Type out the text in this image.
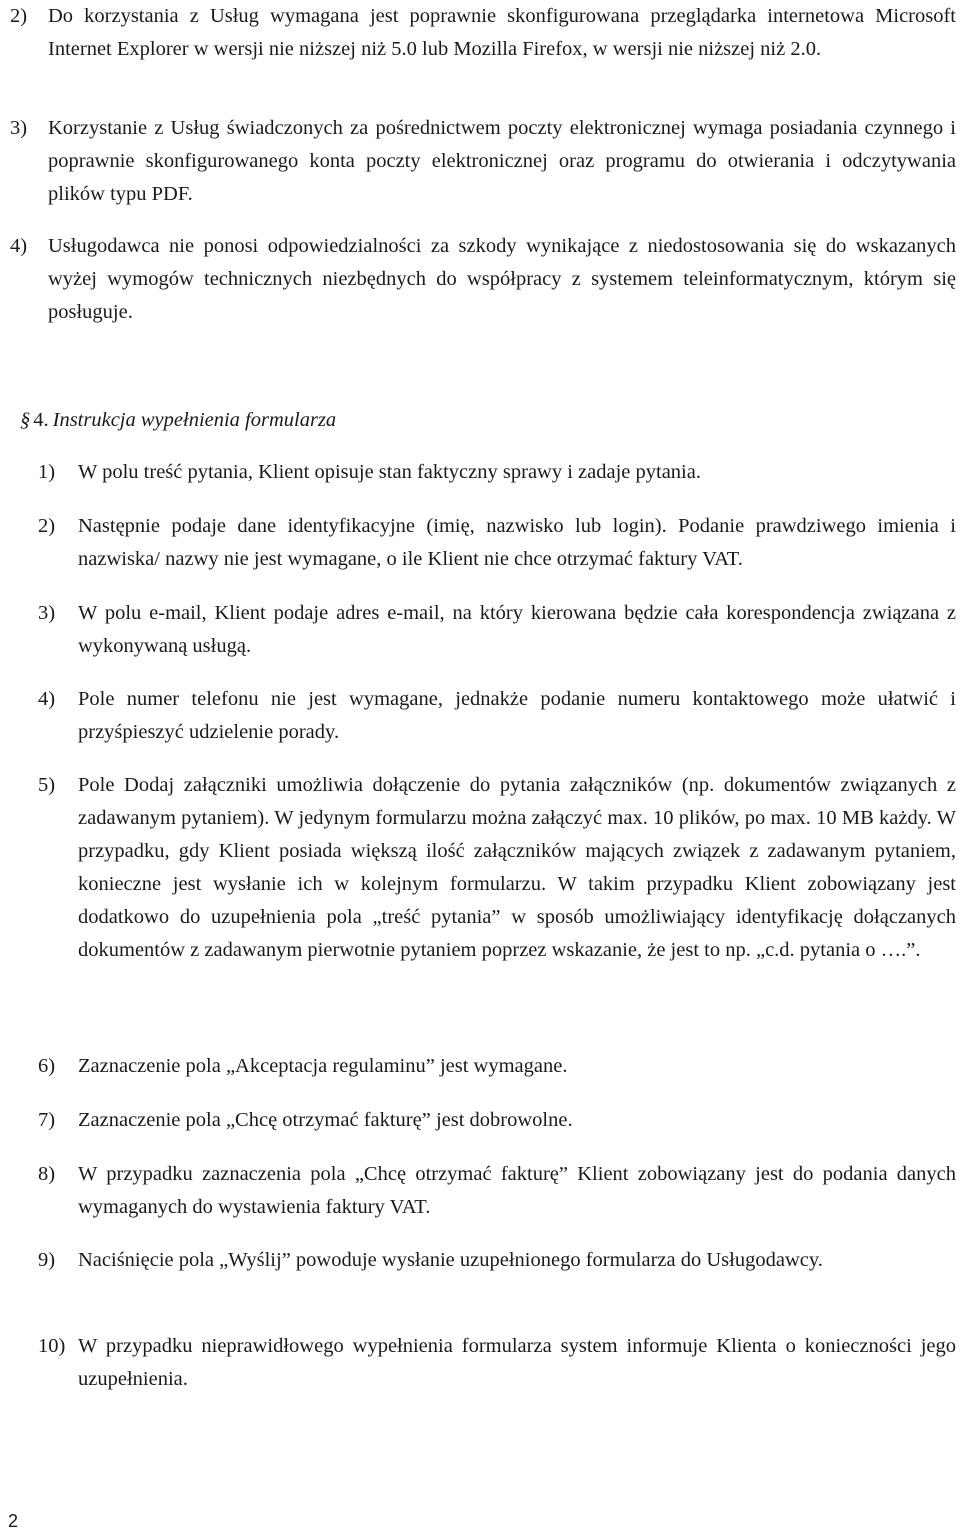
2)	Do korzystania z Usług wymagana jest poprawnie skonfigurowana przeglądarka internetowa Microsoft Internet Explorer w wersji nie niższej niż 5.0 lub Mozilla Firefox, w wersji nie niższej niż 2.0.
3)	Korzystanie z Usług świadczonych za pośrednictwem poczty elektronicznej wymaga posiadania czynnego i poprawnie skonfigurowanego konta poczty elektronicznej oraz programu do otwierania i odczytywania plików typu PDF.
4)	Usługodawca nie ponosi odpowiedzialności za szkody wynikające z niedostosowania się do wskazanych wyżej wymogów technicznych niezbędnych do współpracy z systemem teleinformatycznym, którym się posługuje.
§ 4. Instrukcja wypełnienia formularza
1)	W polu treść pytania, Klient opisuje stan faktyczny sprawy i zadaje pytania.
2)	Następnie podaje dane identyfikacyjne (imię, nazwisko lub login). Podanie prawdziwego imienia i nazwiska/ nazwy nie jest wymagane, o ile Klient nie chce otrzymać faktury VAT.
3)	W polu e-mail, Klient podaje adres e-mail, na który kierowana będzie cała korespondencja związana z wykonywaną usługą.
4)	Pole numer telefonu nie jest wymagane, jednakże podanie numeru kontaktowego może ułatwić i przyśpieszyć udzielenie porady.
5)	Pole Dodaj załączniki umożliwia dołączenie do pytania załączników (np. dokumentów związanych z zadawanym pytaniem). W jedynym formularzu można załączyć max. 10 plików, po max. 10 MB każdy. W przypadku, gdy Klient posiada większą ilość załączników mających związek z zadawanym pytaniem, konieczne jest wysłanie ich w kolejnym formularzu. W takim przypadku Klient zobowiązany jest dodatkowo do uzupełnienia pola „treść pytania” w sposób umożliwiający identyfikację dołączanych dokumentów z zadawanym pierwotnie pytaniem poprzez wskazanie, że jest to np. „c.d. pytania o ….”.
6)	Zaznaczenie pola „Akceptacja regulaminu” jest wymagane.
7)	Zaznaczenie pola „Chcę otrzymać fakturę” jest dobrowolne.
8)	W przypadku zaznaczenia pola „Chcę otrzymać fakturę” Klient zobowiązany jest do podania danych wymaganych do wystawienia faktury VAT.
9)	Naciśnięcie pola „Wyślij” powoduje wysłanie uzupełnionego formularza do Usługodawcy.
10) W przypadku nieprawidłowego wypełnienia formularza system informuje Klienta o konieczności jego uzupełnienia.
2
